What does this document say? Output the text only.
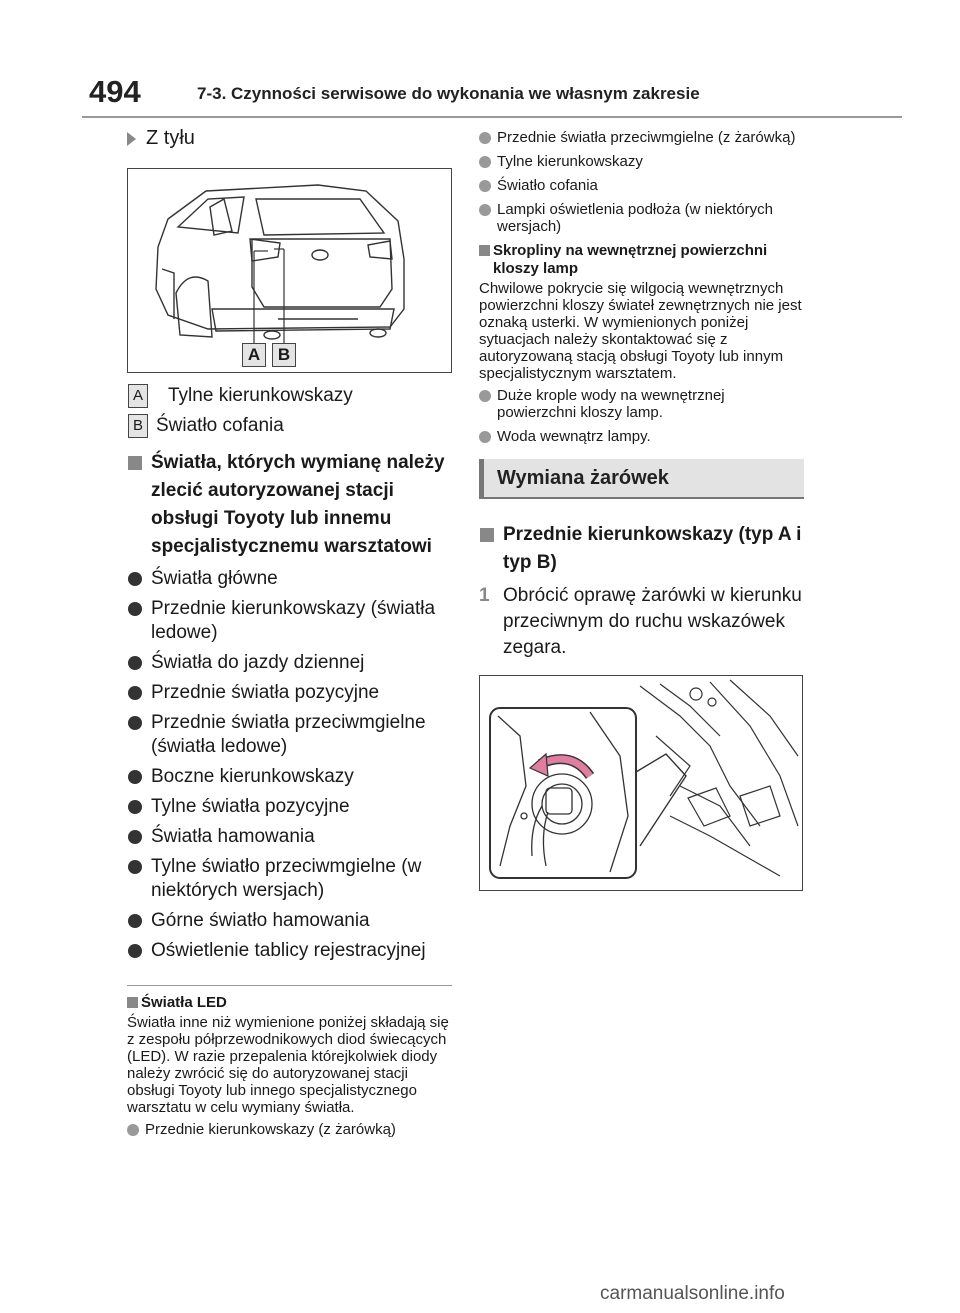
494	7-3. Czynności serwisowe do wykonania we własnym zakresie
Z tyłu
A	B
A Tylne kierunkowskazy
B Światło cofania
Światła, których wymianę należy zlecić autoryzowanej stacji obsługi Toyoty lub innemu specjalistycznemu warsztatowi
Światła główne
Przednie kierunkowskazy (światła ledowe)
Światła do jazdy dziennej
Przednie światła pozycyjne
Przednie światła przeciwmgielne (światła ledowe)
Boczne kierunkowskazy
Tylne światła pozycyjne
Światła hamowania
Tylne światło przeciwmgielne (w niektórych wersjach)
Górne światło hamowania
Oświetlenie tablicy rejestracyjnej
Światła LED
Światła inne niż wymienione poniżej składają się z zespołu półprzewodnikowych diod świecących (LED). W razie przepalenia którejkolwiek diody należy zwrócić się do autoryzowanej stacji obsługi Toyoty lub innego specjalistycznego warsztatu w celu wymiany światła.
Przednie kierunkowskazy (z żarówką)
Przednie światła przeciwmgielne (z żarówką)
Tylne kierunkowskazy
Światło cofania
Lampki oświetlenia podłoża (w niektórych wersjach)
Skropliny na wewnętrznej powierzchni kloszy lamp
Chwilowe pokrycie się wilgocią wewnętrznych powierzchni kloszy świateł zewnętrznych nie jest oznaką usterki. W wymienionych poniżej sytuacjach należy skontaktować się z autoryzowaną stacją obsługi Toyoty lub innym specjalistycznym warsztatem.
Duże krople wody na wewnętrznej powierzchni kloszy lamp.
Woda wewnątrz lampy.
Wymiana żarówek
Przednie kierunkowskazy (typ A i typ B)
1 Obrócić oprawę żarówki w kierunku przeciwnym do ruchu wskazówek zegara.
carmanualsonline.info
